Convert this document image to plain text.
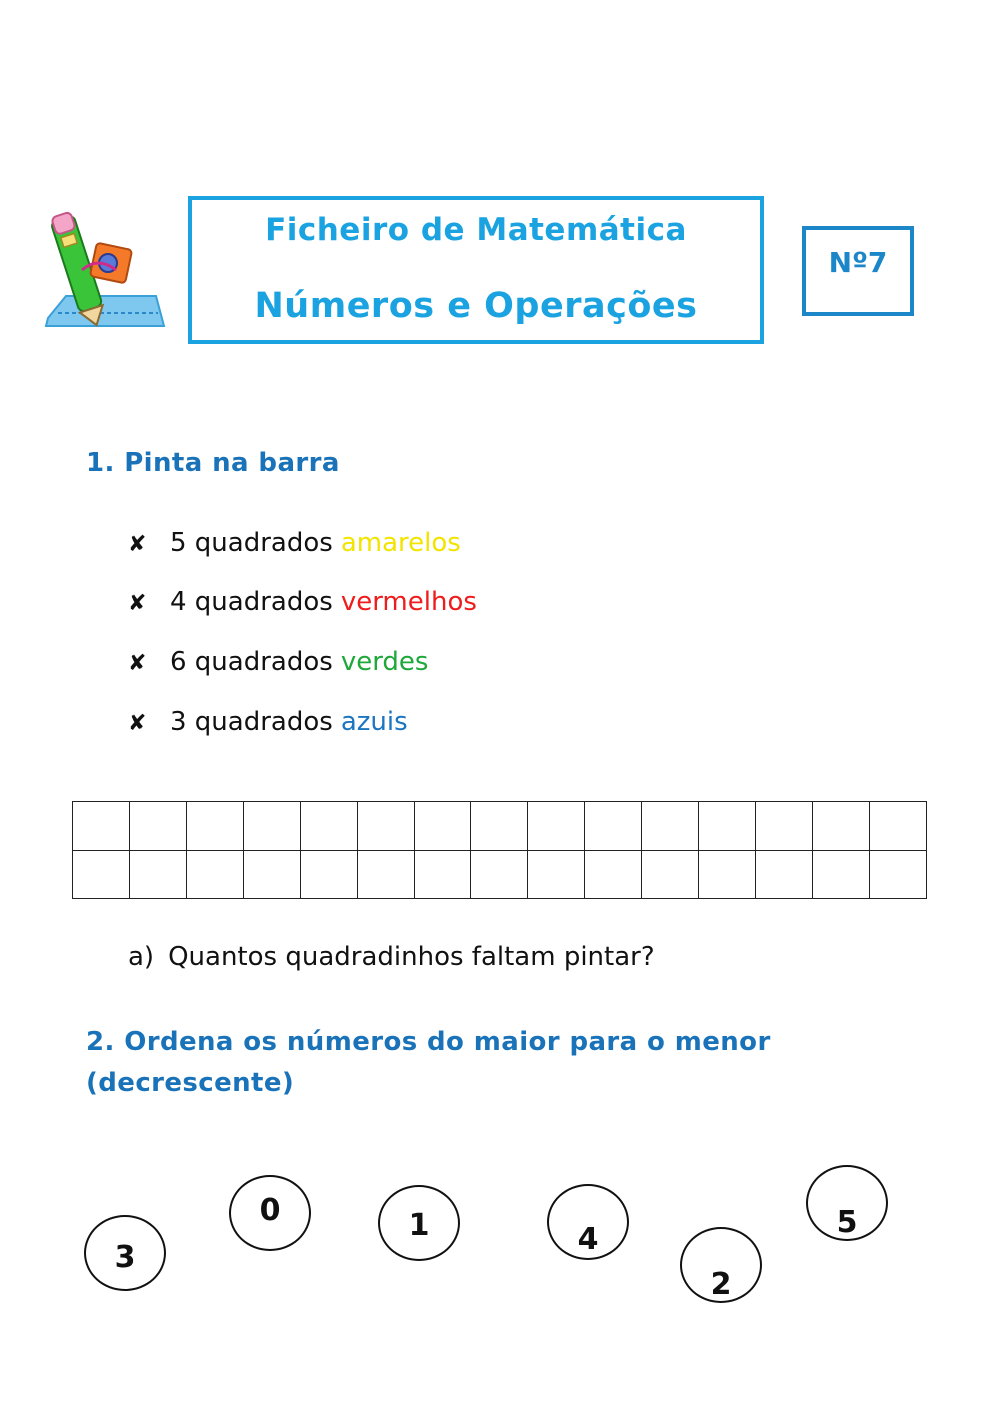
Ficheiro de Matemática
Números e Operações
Nº7
1. Pinta na barra
✘ 5 quadrados amarelos
✘ 4 quadrados vermelhos
✘ 6 quadrados verdes
✘ 3 quadrados azuis

a) Quantos quadradinhos faltam pintar?
2. Ordena os números do maior para o menor
(decrescente)
3
0	1	4
2
5
